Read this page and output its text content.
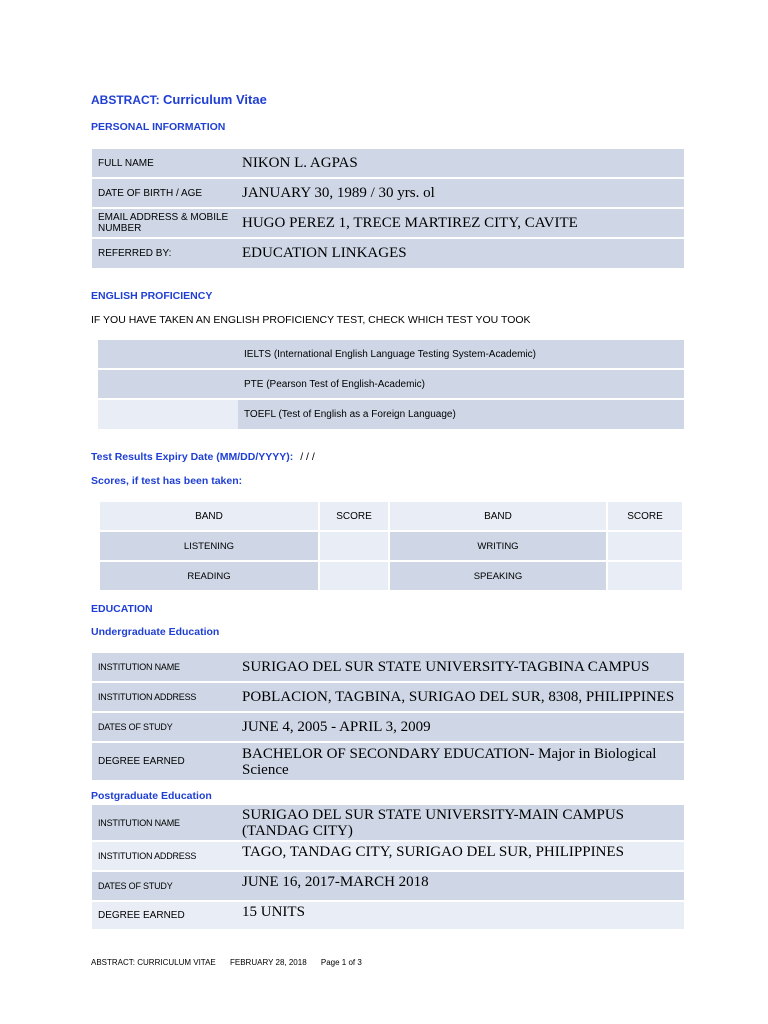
ABSTRACT: Curriculum Vitae
PERSONAL INFORMATION
FULL NAME	NIKON L. AGPAS
DATE OF BIRTH / AGE	JANUARY 30, 1989 / 30 yrs. ol
EMAIL ADDRESS & MOBILE NUMBER	HUGO PEREZ 1, TRECE MARTIREZ CITY, CAVITE
REFERRED BY:	EDUCATION LINKAGES
ENGLISH PROFICIENCY
IF YOU HAVE TAKEN AN ENGLISH PROFICIENCY TEST, CHECK WHICH TEST YOU TOOK
	IELTS (International English Language Testing System-Academic)
	PTE (Pearson Test of English-Academic)
	TOEFL (Test of English as a Foreign Language)
Test Results Expiry Date (MM/DD/YYYY): / / /
Scores, if test has been taken:
BAND	SCORE	BAND	SCORE
LISTENING		WRITING	
READING		SPEAKING	
EDUCATION
Undergraduate Education
INSTITUTION NAME	SURIGAO DEL SUR STATE UNIVERSITY-TAGBINA CAMPUS
INSTITUTION ADDRESS	POBLACION, TAGBINA, SURIGAO DEL SUR, 8308, PHILIPPINES
DATES OF STUDY	JUNE 4, 2005 - APRIL 3, 2009
DEGREE EARNED	BACHELOR OF SECONDARY EDUCATION- Major in Biological Science
Postgraduate Education
INSTITUTION NAME	SURIGAO DEL SUR STATE UNIVERSITY-MAIN CAMPUS (TANDAG CITY)
INSTITUTION ADDRESS	TAGO, TANDAG CITY, SURIGAO DEL SUR, PHILIPPINES
DATES OF STUDY	JUNE 16, 2017-MARCH 2018
DEGREE EARNED	15 UNITS
ABSTRACT: CURRICULUM VITAE FEBRUARY 28, 2018 Page 1 of 3
